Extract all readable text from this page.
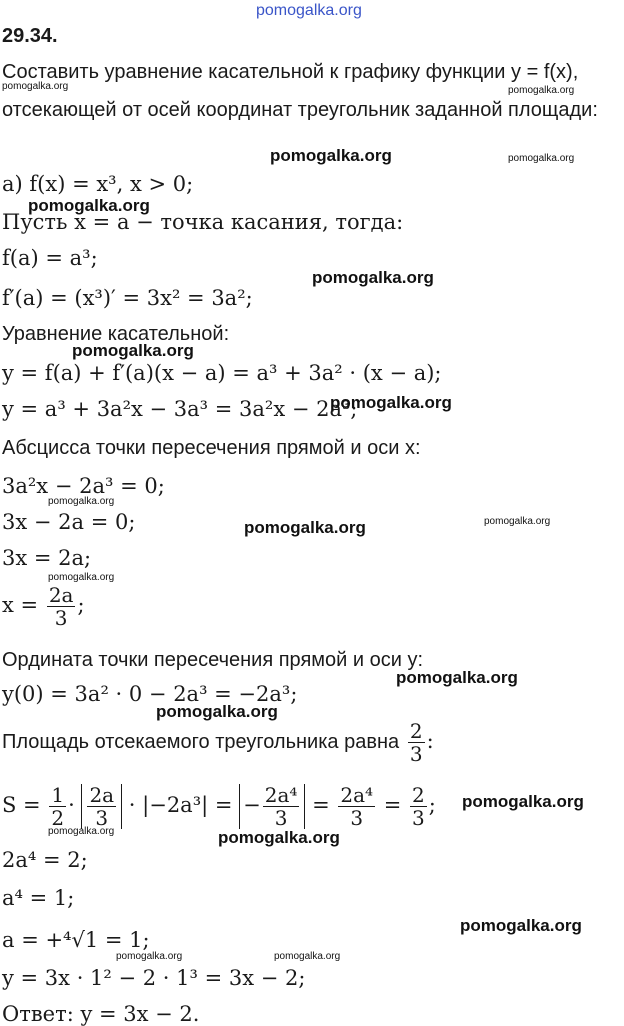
pomogalka.org
29.34.
Составить уравнение касательной к графику функции y = f(x),
pomogalka.org	pomogalka.org
отсекающей от осей координат треугольник заданной площади:
pomogalka.org	pomogalka.org
а) f(x) = x³, x > 0;
pomogalka.org
Пусть x = a − точка касания, тогда:
f(a) = a³;
pomogalka.org
f′(a) = (x³)′ = 3x² = 3a²;
Уравнение касательной:
pomogalka.org
y = f(a) + f′(a)(x − a) = a³ + 3a² · (x − a);
y = a³ + 3a²x − 3a³ = 3a²x − 2a³;
pomogalka.org
Абсцисса точки пересечения прямой и оси x:
3a²x − 2a³ = 0;
pomogalka.org
3x − 2a = 0;	pomogalka.org	pomogalka.org
3x = 2a;
pomogalka.org
$x = \frac{2a}{3}$ ;
Ордината точки пересечения прямой и оси y:
pomogalka.org
y(0) = 3a² · 0 − 2a³ = −2a³;
pomogalka.org
Площадь отсекаемого треугольника равна $\frac{2}{3}$ :
$S = \frac{1}{2} \cdot \frac{2a}{3} \cdot |-2a^3|$ = − $\frac{\text{2a⁴}}{3} = \frac{\text{2a⁴}}{3} = \frac{2}{3}$ ; pomogalka.org
pomogalka.org	pomogalka.org
2a⁴ = 2;
a⁴ = 1;
pomogalka.org
a = +⁴√1 = 1;
pomogalka.org	pomogalka.org
y = 3x · 1² − 2 · 1³ = 3x − 2;
Ответ: y = 3x − 2.
